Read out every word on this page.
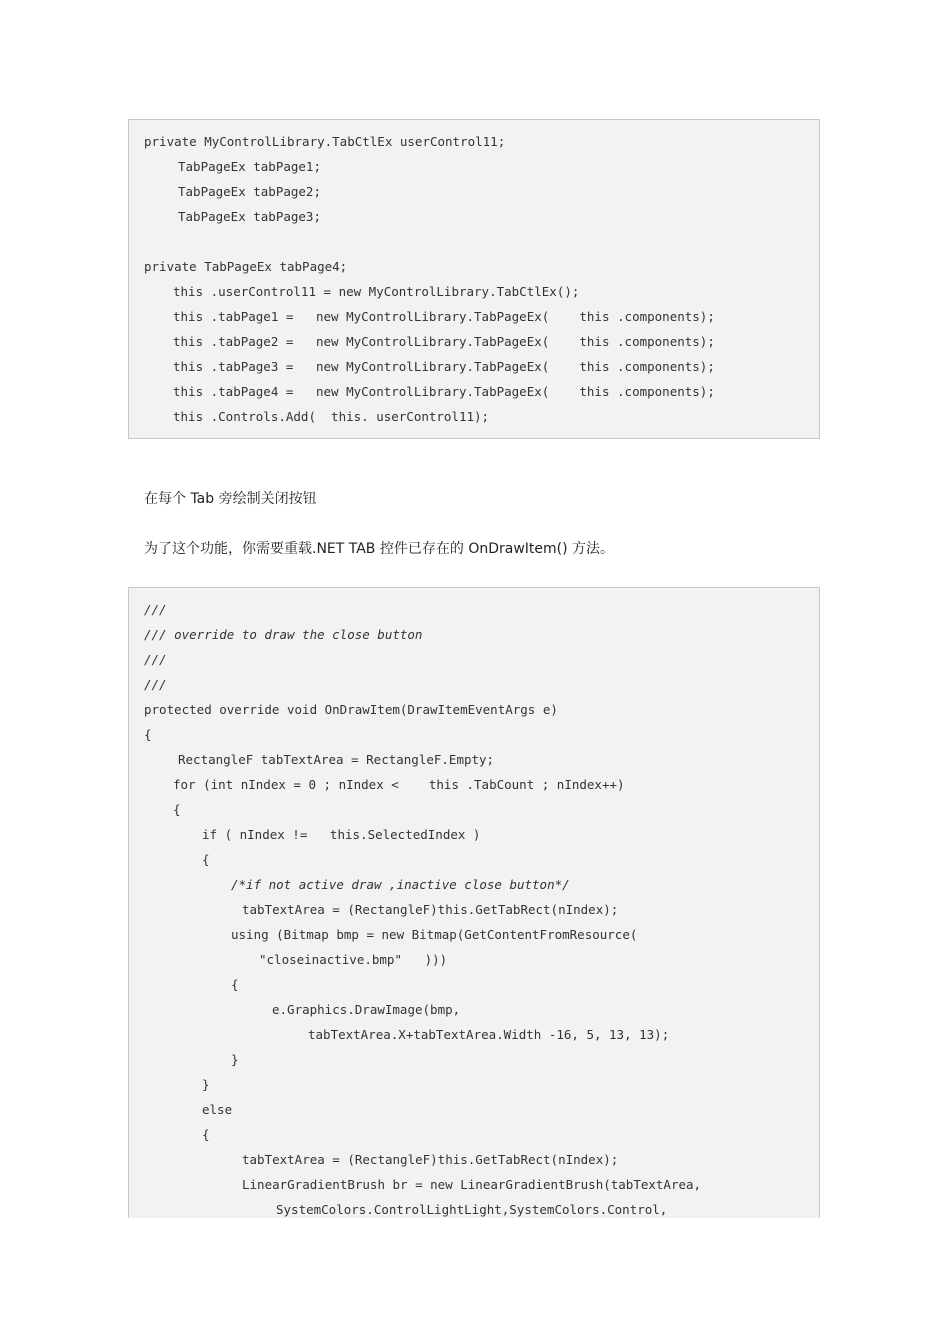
private MyControlLibrary.TabCtlEx userControl11;
TabPageEx tabPage1;
TabPageEx tabPage2;
TabPageEx tabPage3;
private TabPageEx tabPage4;
this .userControl11 = new MyControlLibrary.TabCtlEx();
this .tabPage1 =   new MyControlLibrary.TabPageEx(    this .components);
this .tabPage2 =   new MyControlLibrary.TabPageEx(    this .components);
this .tabPage3 =   new MyControlLibrary.TabPageEx(    this .components);
this .tabPage4 =   new MyControlLibrary.TabPageEx(    this .components);
this .Controls.Add(  this. userControl11);
在每个 Tab 旁绘制关闭按钮
为了这个功能，你需要重载.NET TAB 控件已存在的 OnDrawItem() 方法。
///
/// override to draw the close button
///
///
protected override void OnDrawItem(DrawItemEventArgs e)
{
RectangleF tabTextArea = RectangleF.Empty;
for (int nIndex = 0 ; nIndex <    this .TabCount ; nIndex++)
{
if ( nIndex !=   this.SelectedIndex )
{
/*if not active draw ,inactive close button*/
tabTextArea = (RectangleF)this.GetTabRect(nIndex);
using (Bitmap bmp = new Bitmap(GetContentFromResource(
"closeinactive.bmp"   )))
{
e.Graphics.DrawImage(bmp,
tabTextArea.X+tabTextArea.Width -16, 5, 13, 13);
}
}
else
{
tabTextArea = (RectangleF)this.GetTabRect(nIndex);
LinearGradientBrush br = new LinearGradientBrush(tabTextArea,
SystemColors.ControlLightLight,SystemColors.Control,
